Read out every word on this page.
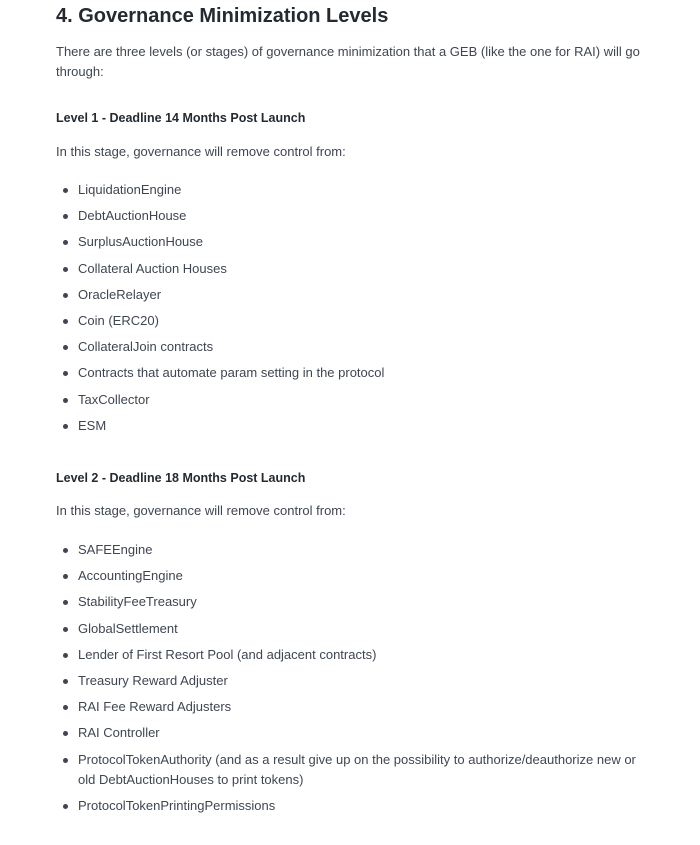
4. Governance Minimization Levels

There are three levels (or stages) of governance minimization that a GEB (like the one for RAI) will go through:

Level 1 - Deadline 14 Months Post Launch

In this stage, governance will remove control from:

LiquidationEngine
DebtAuctionHouse
SurplusAuctionHouse
Collateral Auction Houses
OracleRelayer
Coin (ERC20)
CollateralJoin contracts
Contracts that automate param setting in the protocol
TaxCollector
ESM
Level 2 - Deadline 18 Months Post Launch

In this stage, governance will remove control from:

SAFEEngine
AccountingEngine
StabilityFeeTreasury
GlobalSettlement
Lender of First Resort Pool (and adjacent contracts)
Treasury Reward Adjuster
RAI Fee Reward Adjusters
RAI Controller
ProtocolTokenAuthority (and as a result give up on the possibility to authorize/deauthorize new or old DebtAuctionHouses to print tokens)
ProtocolTokenPrintingPermissions
